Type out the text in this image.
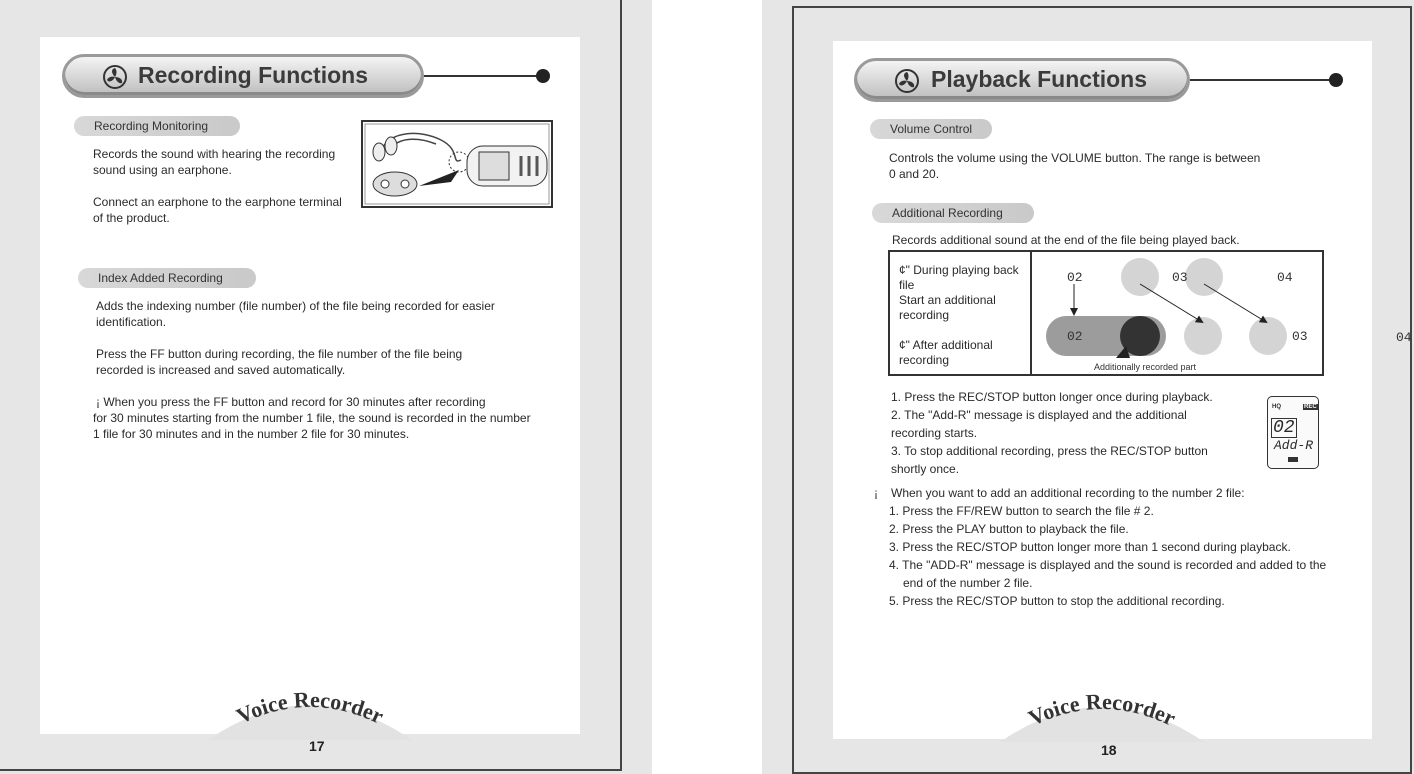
Recording Functions
Recording Monitoring
Records the sound with hearing the recording
sound using an earphone.
Connect an earphone to the earphone terminal
of the product.
Index Added Recording
Adds the indexing number (file number) of the file being recorded for easier
identification.
Press the FF button during recording, the file number of the file being
recorded is increased and saved automatically.
¡ When you press the FF button and record for 30 minutes after recording
for 30 minutes starting from the number 1 file, the sound is recorded in the number
1 file for 30 minutes and in the number 2 file for 30 minutes.
Voice Recorder
17
Playback Functions
Volume Control
Controls the volume using the VOLUME button. The range is between
0 and 20.
Additional Recording
Records additional sound at the end of the file being played back.
¢" During playing back
file
Start an additional
recording
¢" After additional
recording
02	03	04
02	03
Additionally recorded part
1. Press the REC/STOP button longer once during playback.
2. The "Add-R" message is displayed and the additional
recording starts.
3. To stop additional recording, press the REC/STOP button
shortly once.
HQ	REC
02
Add-R
¡ When you want to add an additional recording to the number 2 file:
1. Press the FF/REW button to search the file # 2.
2. Press the PLAY button to playback the file.
3. Press the REC/STOP button longer more than 1 second during playback.
4. The "ADD-R" message is displayed and the sound is recorded and added to the
end of the number 2 file.
5. Press the REC/STOP button to stop the additional recording.
04
Voice Recorder
18
